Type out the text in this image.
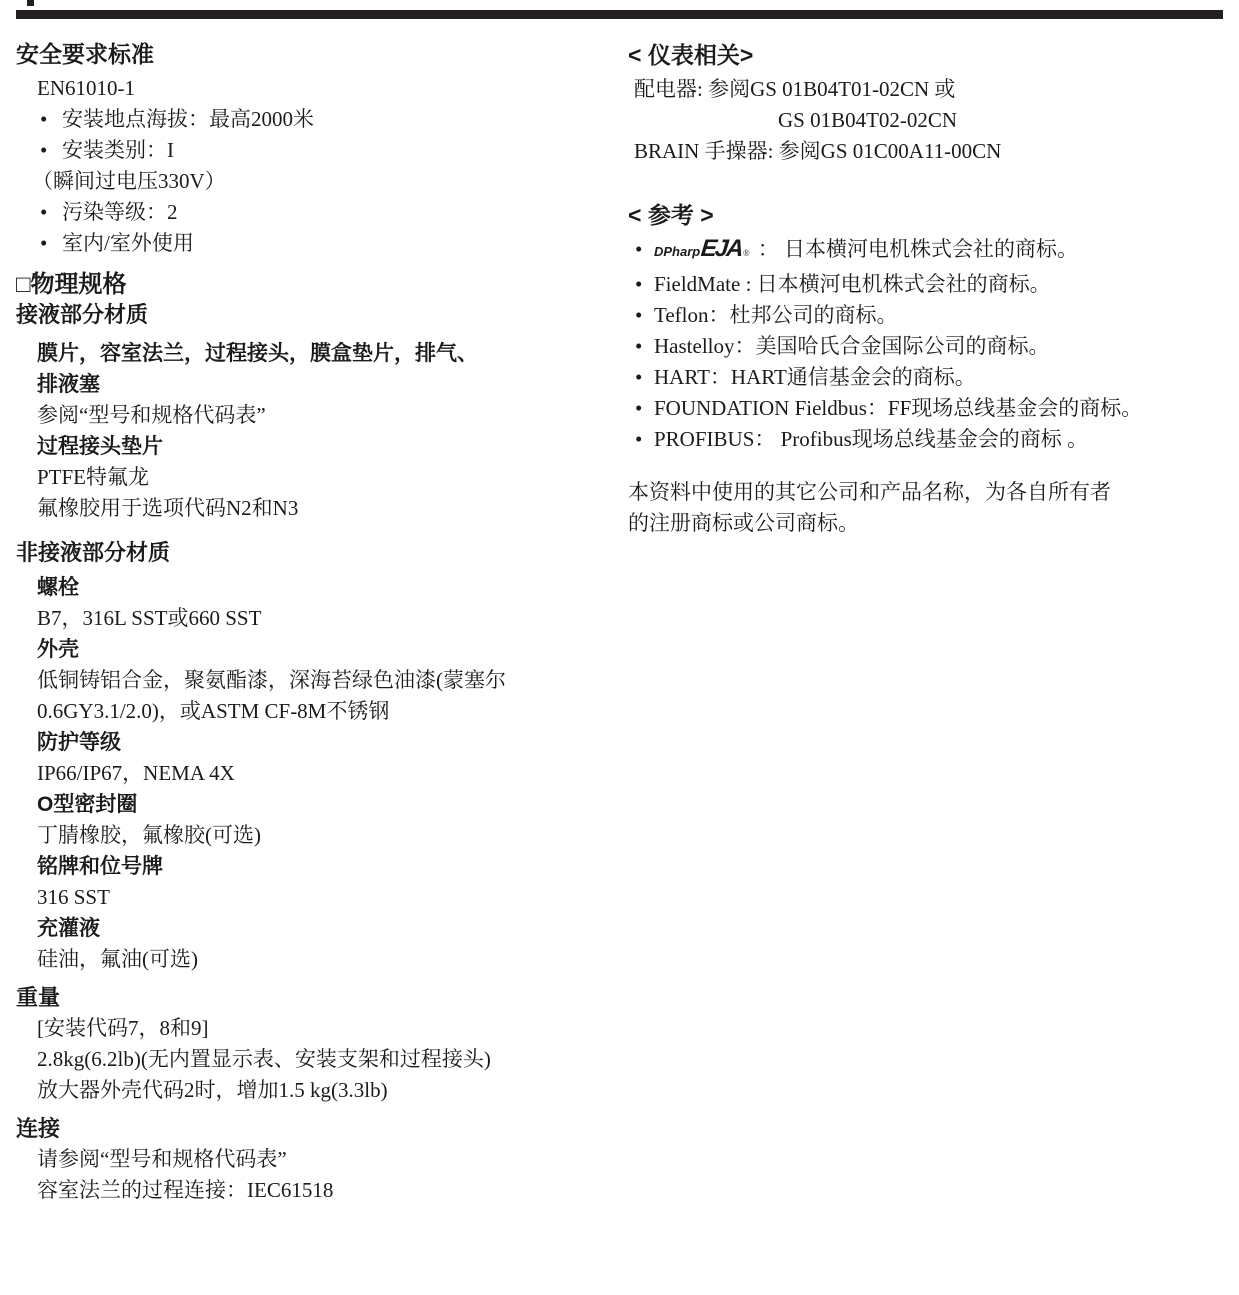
安全要求标准
EN61010-1
• 安装地点海拔：最高2000米
• 安装类别：I
（瞬间过电压330V）
• 污染等级：2
• 室内/室外使用
□物理规格
接液部分材质
膜片，容室法兰，过程接头，膜盒垫片，排气、
排液塞
参阅“型号和规格代码表”
过程接头垫片
PTFE特氟龙
氟橡胶用于选项代码N2和N3
非接液部分材质
螺栓
B7，316L SST或660 SST
外壳
低铜铸铝合金，聚氨酯漆，深海苔绿色油漆(蒙塞尔
0.6GY3.1/2.0)，或ASTM CF-8M不锈钢
防护等级
IP66/IP67，NEMA 4X
O型密封圈
丁腈橡胶，氟橡胶(可选)
铭牌和位号牌
316 SST
充灌液
硅油，氟油(可选)
重量
[安装代码7，8和9]
2.8kg(6.2lb)(无内置显示表、安装支架和过程接头)
放大器外壳代码2时，增加1.5 kg(3.3lb)
连接
请参阅“型号和规格代码表”
容室法兰的过程连接：IEC61518
< 仪表相关>
配电器: 参阅GS 01B04T01-02CN 或
GS 01B04T02-02CN
BRAIN 手操器: 参阅GS 01C00A11-00CN
< 参考 >
• DPharp EJA ® ： 日本横河电机株式会社的商标。
• FieldMate : 日本横河电机株式会社的商标。
• Teflon：杜邦公司的商标。
• Hastelloy：美国哈氏合金国际公司的商标。
• HART：HART通信基金会的商标。
• FOUNDATION Fieldbus：FF现场总线基金会的商标。
• PROFIBUS： Profibus现场总线基金会的商标 。
本资料中使用的其它公司和产品名称，为各自所有者
的注册商标或公司商标。
